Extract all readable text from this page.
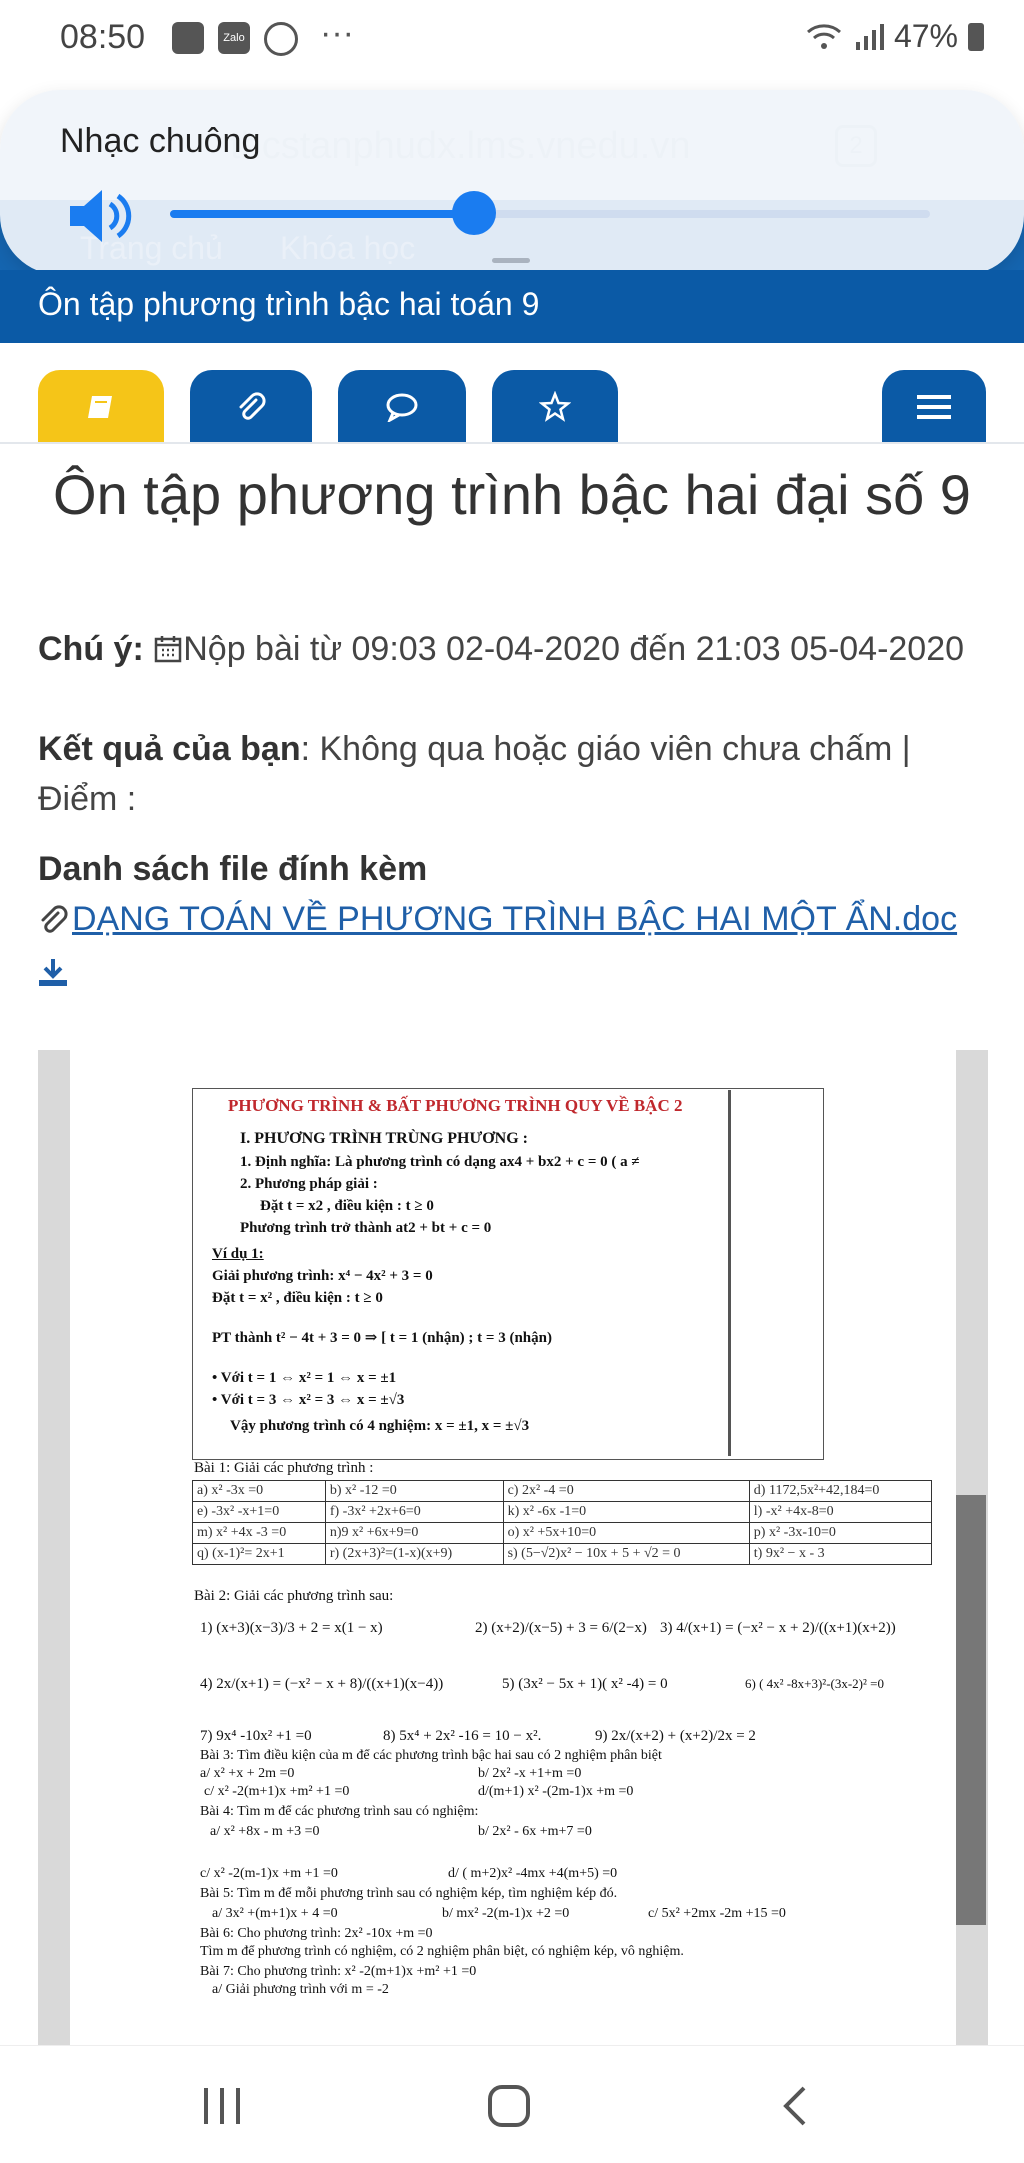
08:50	Zalo ···	47%
Nhạc chuông
Ôn tập phương trình bậc hai toán 9
Ôn tập phương trình bậc hai đại số 9
Chú ý: Nộp bài từ 09:03 02-04-2020 đến 21:03 05-04-2020
Kết quả của bạn: Không qua hoặc giáo viên chưa chấm | Điểm :
Danh sách file đính kèm
DẠNG TOÁN VỀ PHƯƠNG TRÌNH BẬC HAI MỘT ẨN.doc
PHƯƠNG TRÌNH & BẤT PHƯƠNG TRÌNH QUY VỀ BẬC 2
I. PHƯƠNG TRÌNH TRÙNG PHƯƠNG :
1. Định nghĩa: Là phương trình có dạng ax4 + bx2 + c = 0 ( a ≠
2. Phương pháp giải :
Đặt t = x2 , điều kiện : t ≥ 0
Phương trình trở thành at2 + bt + c = 0
Ví dụ 1:
Giải phương trình: x⁴ − 4x² + 3 = 0
Đặt t = x² , điều kiện : t ≥ 0
PT thành t² − 4t + 3 = 0 ⇒ [ t = 1 (nhận) ; t = 3 (nhận)
• Với t = 1 ⇔ x² = 1 ⇔ x = ±1
• Với t = 3 ⇔ x² = 3 ⇔ x = ±√3
Vậy phương trình có 4 nghiệm: x = ±1, x = ±√3
Bài 1: Giải các phương trình :
a) x² -3x =0	b) x² -12 =0	c) 2x² -4 =0	d) 1172,5x²+42,184=0
e) -3x² -x+1=0	f) -3x² +2x+6=0	k) x² -6x -1=0	l) -x² +4x-8=0
m) x² +4x -3 =0	n)9 x² +6x+9=0	o) x² +5x+10=0	p) x² -3x-10=0
q) (x-1)²= 2x+1	r) (2x+3)²=(1-x)(x+9)	s) (5−√2)x² − 10x + 5 + √2 = 0	t) 9x² − x - 3
Bài 2: Giải các phương trình sau:
1) (x+3)(x−3)/3 + 2 = x(1 − x)	2) (x+2)/(x−5) + 3 = 6/(2−x) 3) 4/(x+1) = (−x² − x + 2)/((x+1)(x+2))
4) 2x/(x+1) = (−x² − x + 8)/((x+1)(x−4))	5) (3x² − 5x + 1)( x² -4) = 0	6) ( 4x² -8x+3)²-(3x-2)² =0
7) 9x⁴ -10x² +1 =0	8) 5x⁴ + 2x² -16 = 10 − x².	9) 2x/(x+2) + (x+2)/2x = 2
Bài 3: Tìm điều kiện của m để các phương trình bậc hai sau có 2 nghiệm phân biệt
a/ x² +x + 2m =0	b/ 2x² -x +1+m =0
c/ x² -2(m+1)x +m² +1 =0	d/(m+1) x² -(2m-1)x +m =0
Bài 4: Tìm m để các phương trình sau có nghiệm:
a/ x² +8x - m +3 =0	b/ 2x² - 6x +m+7 =0
c/ x² -2(m-1)x +m +1 =0	d/ ( m+2)x² -4mx +4(m+5) =0
Bài 5: Tìm m để mỗi phương trình sau có nghiệm kép, tìm nghiệm kép đó.
a/ 3x² +(m+1)x + 4 =0	b/ mx² -2(m-1)x +2 =0	c/ 5x² +2mx -2m +15 =0
Bài 6: Cho phương trình: 2x² -10x +m =0
Tìm m để phương trình có nghiệm, có 2 nghiệm phân biệt, có nghiệm kép, vô nghiệm.
Bài 7: Cho phương trình: x² -2(m+1)x +m² +1 =0
a/ Giải phương trình với m = -2
